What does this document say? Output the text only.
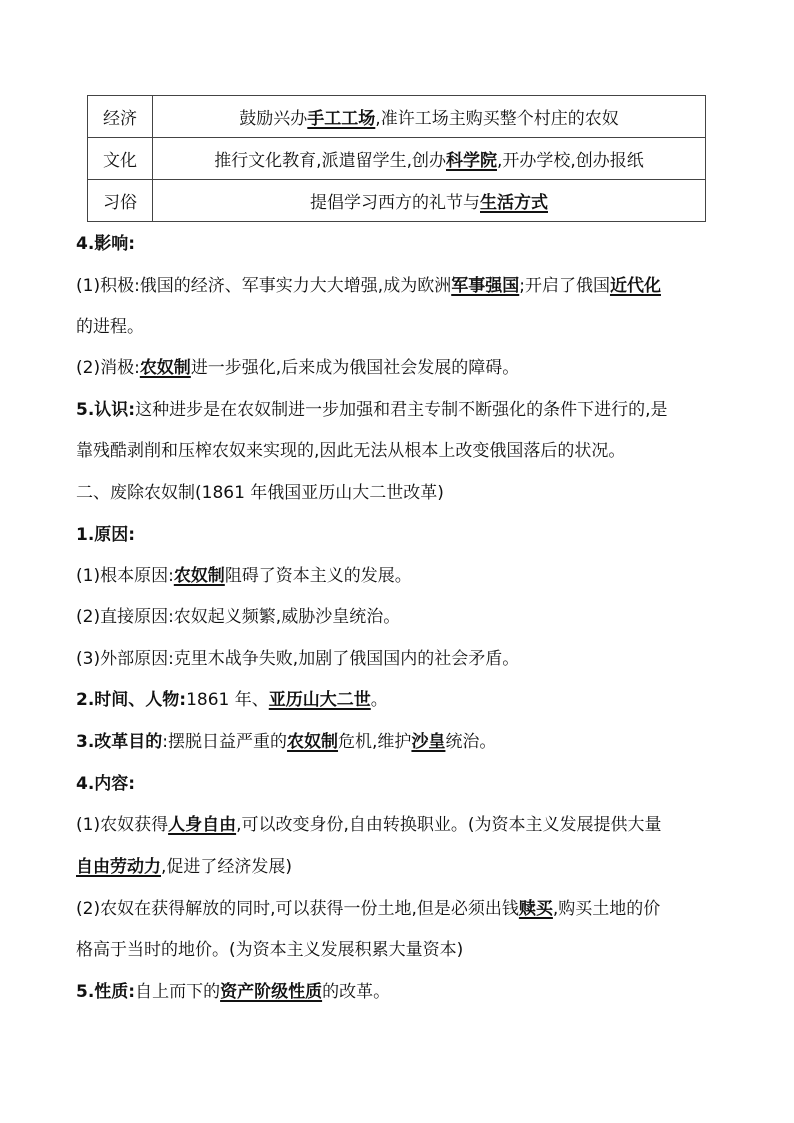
经济	鼓励兴办手工工场,准许工场主购买整个村庄的农奴
文化	推行文化教育,派遣留学生,创办科学院,开办学校,创办报纸
习俗	提倡学习西方的礼节与生活方式
4.影响:
(1)积极:俄国的经济、军事实力大大增强,成为欧洲军事强国;开启了俄国近代化
的进程。
(2)消极:农奴制进一步强化,后来成为俄国社会发展的障碍。
5.认识:这种进步是在农奴制进一步加强和君主专制不断强化的条件下进行的,是
靠残酷剥削和压榨农奴来实现的,因此无法从根本上改变俄国落后的状况。
二、废除农奴制(1861 年俄国亚历山大二世改革)
1.原因:
(1)根本原因:农奴制阻碍了资本主义的发展。
(2)直接原因:农奴起义频繁,威胁沙皇统治。
(3)外部原因:克里木战争失败,加剧了俄国国内的社会矛盾。
2.时间、人物:1861 年、亚历山大二世。
3.改革目的:摆脱日益严重的农奴制危机,维护沙皇统治。
4.内容:
(1)农奴获得人身自由,可以改变身份,自由转换职业。(为资本主义发展提供大量
自由劳动力,促进了经济发展)
(2)农奴在获得解放的同时,可以获得一份土地,但是必须出钱赎买,购买土地的价
格高于当时的地价。(为资本主义发展积累大量资本)
5.性质:自上而下的资产阶级性质的改革。
